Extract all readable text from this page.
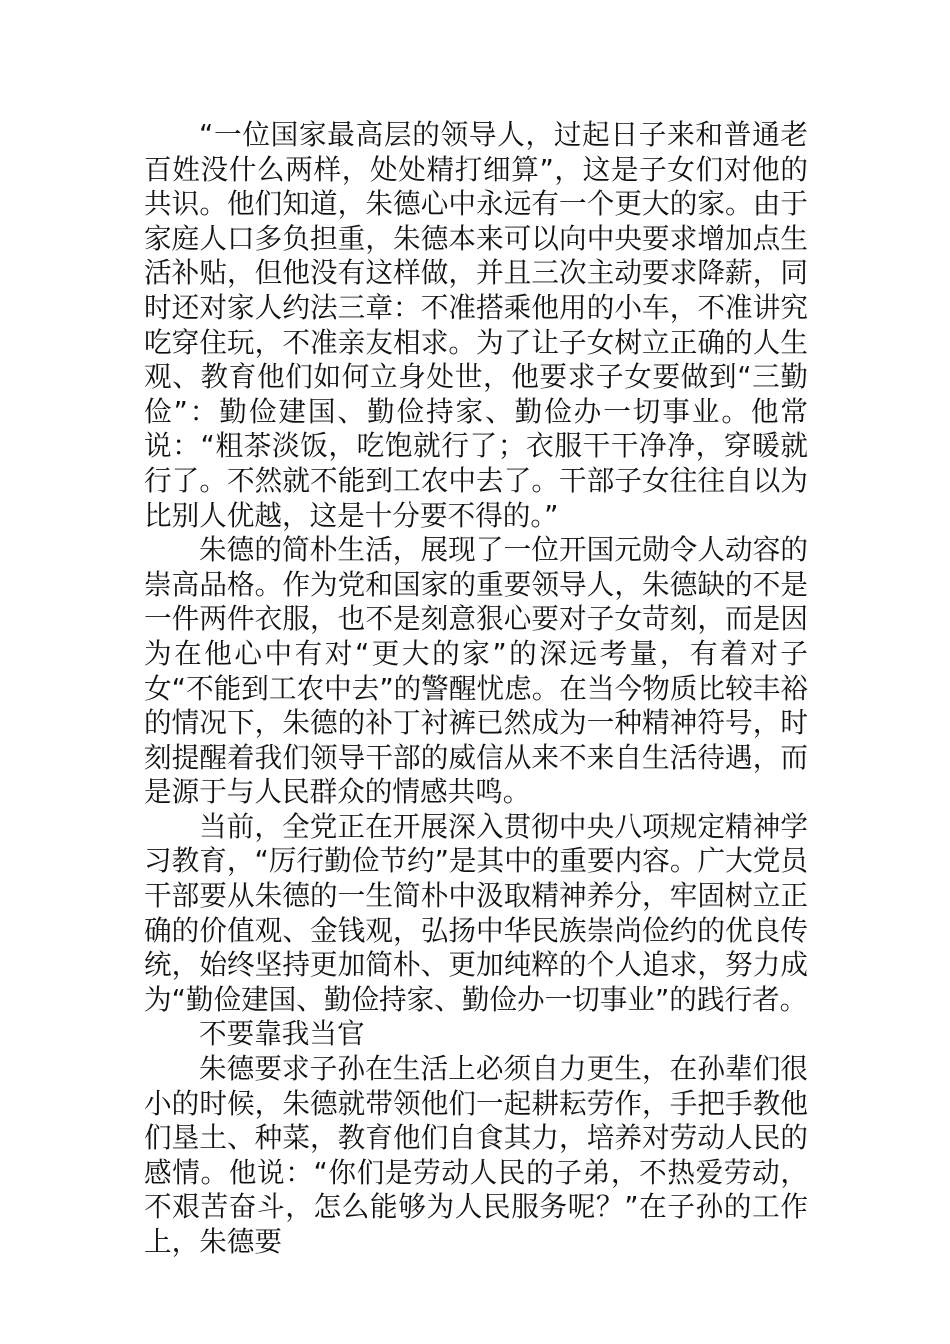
“一位国家最高层的领导人，过起日子来和普通老百姓没什么两样，处处精打细算”，这是子女们对他的共识。他们知道，朱德心中永远有一个更大的家。由于家庭人口多负担重，朱德本来可以向中央要求增加点生活补贴，但他没有这样做，并且三次主动要求降薪，同时还对家人约法三章：不准搭乘他用的小车，不准讲究吃穿住玩，不准亲友相求。为了让子女树立正确的人生观、教育他们如何立身处世，他要求子女要做到“三勤俭”：勤俭建国、勤俭持家、勤俭办一切事业。他常说：“粗茶淡饭，吃饱就行了；衣服干干净净，穿暖就行了。不然就不能到工农中去了。干部子女往往自以为比别人优越，这是十分要不得的。”

朱德的简朴生活，展现了一位开国元勋令人动容的崇高品格。作为党和国家的重要领导人，朱德缺的不是一件两件衣服，也不是刻意狠心要对子女苛刻，而是因为在他心中有对“更大的家”的深远考量，有着对子女“不能到工农中去”的警醒忧虑。在当今物质比较丰裕的情况下，朱德的补丁衬裤已然成为一种精神符号，时刻提醒着我们领导干部的威信从来不来自生活待遇，而是源于与人民群众的情感共鸣。

当前，全党正在开展深入贯彻中央八项规定精神学习教育，“厉行勤俭节约”是其中的重要内容。广大党员干部要从朱德的一生简朴中汲取精神养分，牢固树立正确的价值观、金钱观，弘扬中华民族崇尚俭约的优良传统，始终坚持更加简朴、更加纯粹的个人追求，努力成为“勤俭建国、勤俭持家、勤俭办一切事业”的践行者。

不要靠我当官

朱德要求子孙在生活上必须自力更生，在孙辈们很小的时候，朱德就带领他们一起耕耘劳作，手把手教他们垦土、种菜，教育他们自食其力，培养对劳动人民的感情。他说：“你们是劳动人民的子弟，不热爱劳动，不艰苦奋斗，怎么能够为人民服务呢？”在子孙的工作上，朱德要
